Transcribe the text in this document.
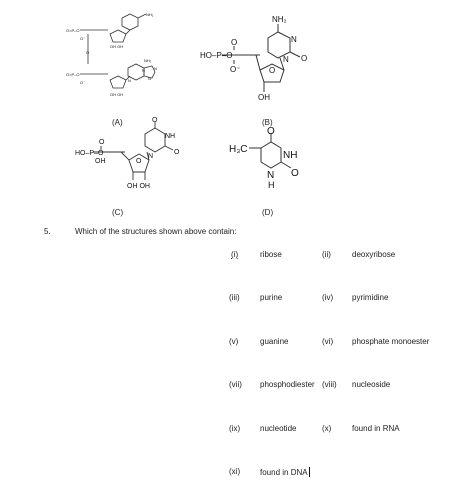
NH₂
O=P–O
O⁻
O
O=P–O
O⁻
OH OH
OH OH
NH₂
N
N
N
N
(A)
NH₂
N
N O
HO–P–O
O
O⁻	O
OH
(B)
O
NH
N
O
HO–P–O
O
OH	O
OH OH
(C)
O
H₃C
NH
N
H
O
(D)
5.	Which of the structures shown above contain:
(i)	ribose	(ii)	deoxyribose
(iii)	purine	(iv) pyrimidine
(v)	guanine	(vi) phosphate monoester
(vii) phosphodiester (viii) nucleoside
(ix) nucleotide	(x)	found in RNA
(xi) found in DNA
